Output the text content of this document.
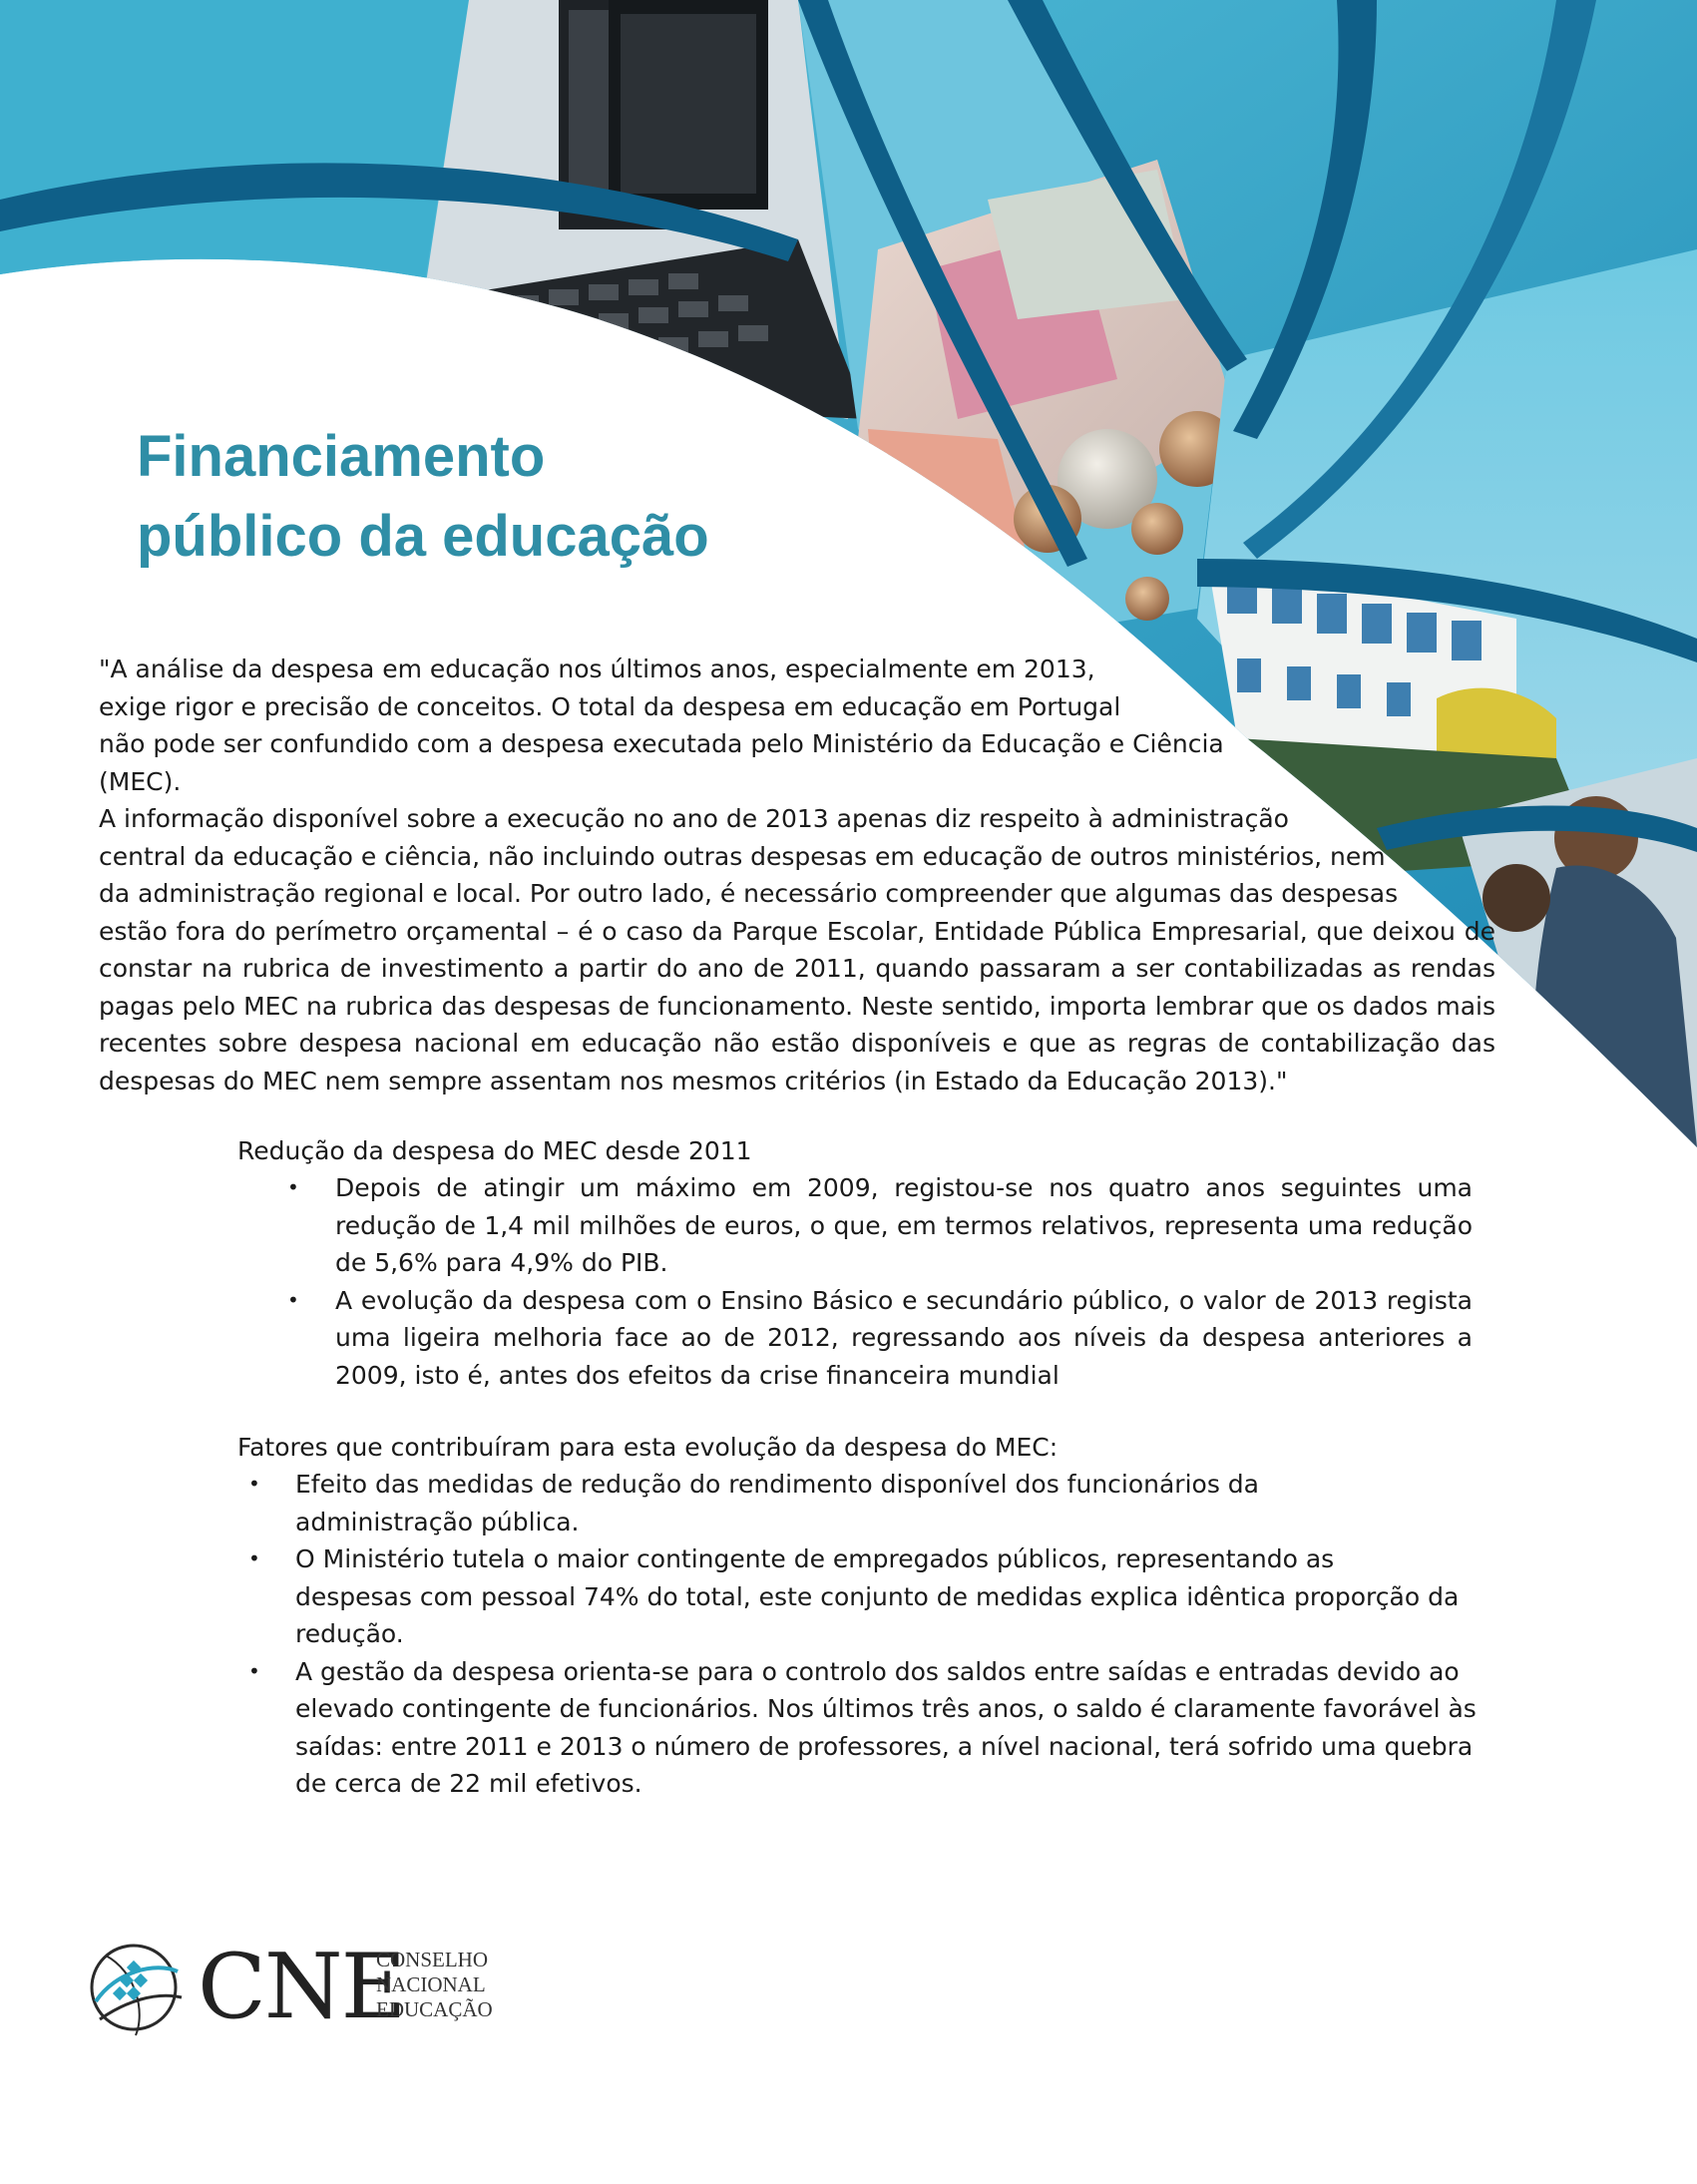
Financiamento
público da educação
"A análise da despesa em educação nos últimos anos, especialmente em 2013,
exige rigor e precisão de conceitos. O total da despesa em educação em Portugal
não pode ser confundido com a despesa executada pelo Ministério da Educação e Ciência
(MEC).
A informação disponível sobre a execução no ano de 2013 apenas diz respeito à administração
central da educação e ciência, não incluindo outras despesas em educação de outros ministérios, nem
da administração regional e local. Por outro lado, é necessário compreender que algumas das despesas
estão fora do perímetro orçamental – é o caso da Parque Escolar, Entidade Pública Empresarial, que deixou de
constar na rubrica de investimento a partir do ano de 2011, quando passaram a ser contabilizadas as rendas
pagas pelo MEC na rubrica das despesas de funcionamento. Neste sentido, importa lembrar que os dados mais
recentes sobre despesa nacional em educação não estão disponíveis e que as regras de contabilização das
despesas do MEC nem sempre assentam nos mesmos critérios (in Estado da Educação 2013)."
Redução da despesa do MEC desde 2011
• Depois de atingir um máximo em 2009, registou-se nos quatro anos seguintes uma redução de 1,4 mil milhões de euros, o que, em termos relativos, representa uma redução de 5,6% para 4,9% do PIB.
• A evolução da despesa com o Ensino Básico e secundário público, o valor de 2013 regista uma ligeira melhoria face ao de 2012, regressando aos níveis da despesa anteriores a 2009, isto é, antes dos efeitos da crise financeira mundial
Fatores que contribuíram para esta evolução da despesa do MEC:
• Efeito das medidas de redução do rendimento disponível dos funcionários da
administração pública.
• O Ministério tutela o maior contingente de empregados públicos, representando as
despesas com pessoal 74% do total, este conjunto de medidas explica idêntica proporção da
redução.
• A gestão da despesa orienta-se para o controlo dos saldos entre saídas e entradas devido ao
elevado contingente de funcionários. Nos últimos três anos, o saldo é claramente favorável às
saídas: entre 2011 e 2013 o número de professores, a nível nacional, terá sofrido uma quebra
de cerca de 22 mil efetivos.
CNE
CONSELHO
NACIONAL
EDUCAÇÃO
